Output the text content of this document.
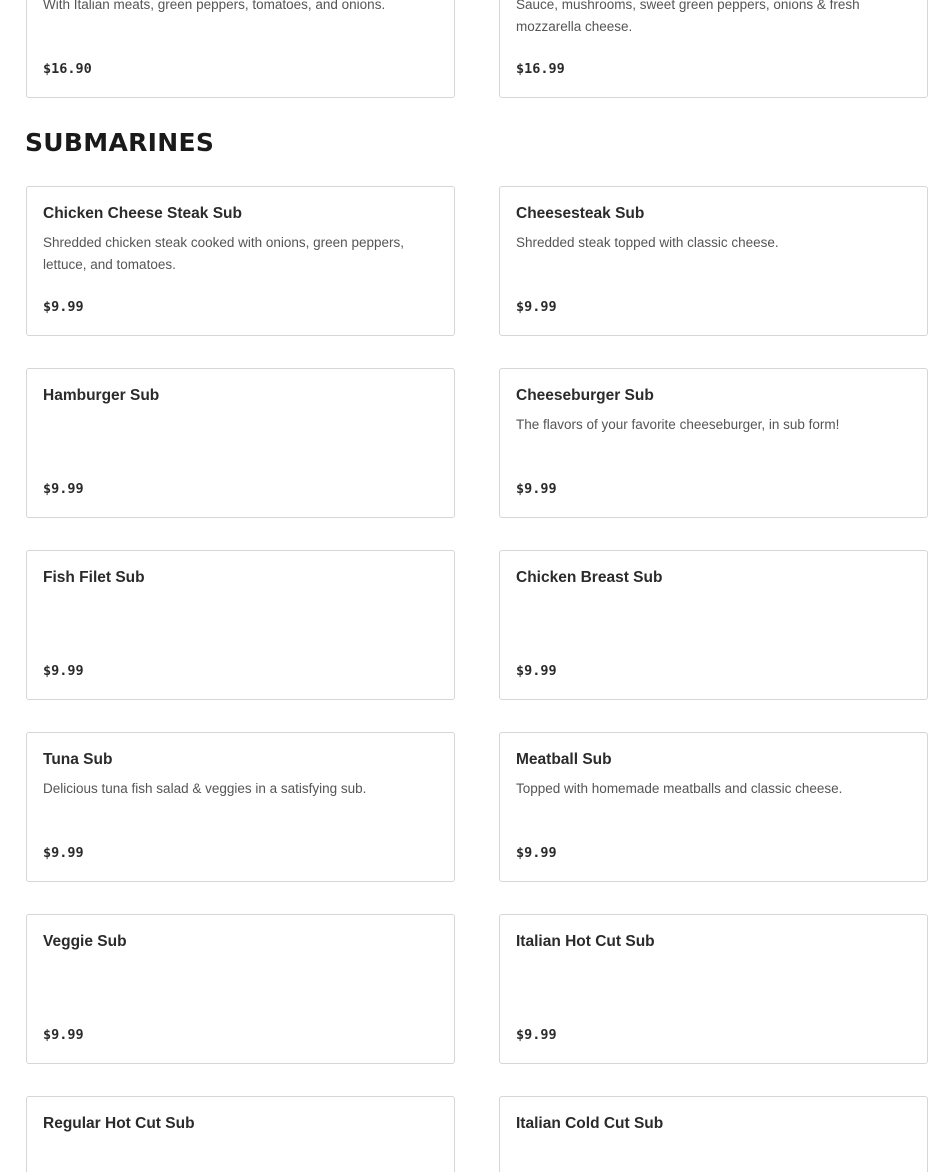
With Italian meats, green peppers, tomatoes, and onions.
$16.90
Sauce, mushrooms, sweet green peppers, onions & fresh mozzarella cheese.
$16.99
SUBMARINES
Chicken Cheese Steak Sub
Shredded chicken steak cooked with onions, green peppers, lettuce, and tomatoes.
$9.99
Cheesesteak Sub
Shredded steak topped with classic cheese.
$9.99
Hamburger Sub
$9.99
Cheeseburger Sub
The flavors of your favorite cheeseburger, in sub form!
$9.99
Fish Filet Sub
$9.99
Chicken Breast Sub
$9.99
Tuna Sub
Delicious tuna fish salad & veggies in a satisfying sub.
$9.99
Meatball Sub
Topped with homemade meatballs and classic cheese.
$9.99
Veggie Sub
$9.99
Italian Hot Cut Sub
$9.99
Regular Hot Cut Sub	Italian Cold Cut Sub
